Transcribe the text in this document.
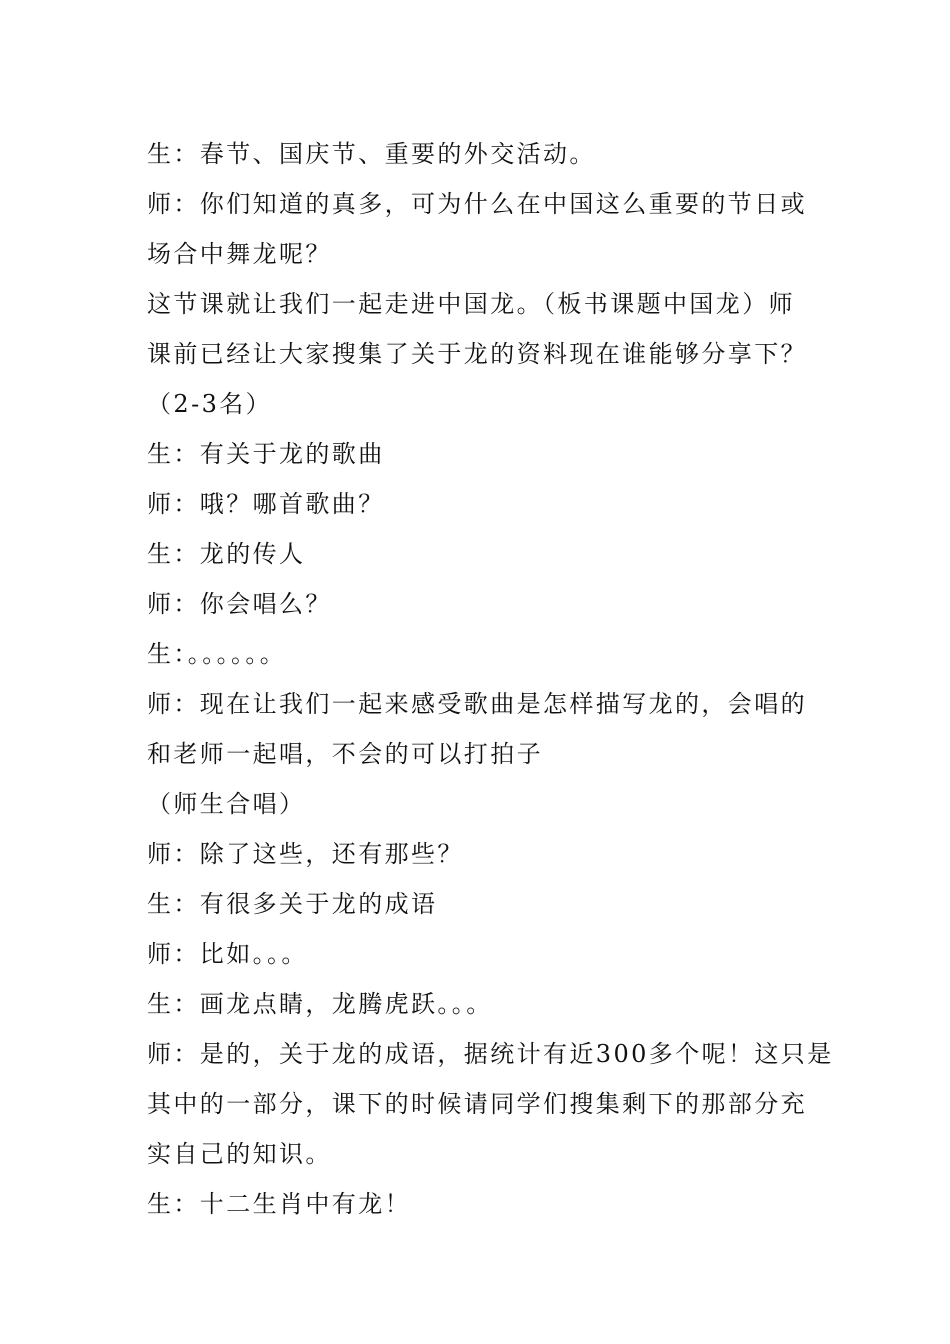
生：春节、国庆节、重要的外交活动。
师：你们知道的真多，可为什么在中国这么重要的节日或
场合中舞龙呢？
这节课就让我们一起走进中国龙。（板书课题中国龙）师
课前已经让大家搜集了关于龙的资料现在谁能够分享下？
（2-3名）
生：有关于龙的歌曲
师：哦？哪首歌曲？
生：龙的传人
师：你会唱么？
生：。。。。。。
师：现在让我们一起来感受歌曲是怎样描写龙的，会唱的
和老师一起唱，不会的可以打拍子
（师生合唱）
师：除了这些，还有那些？
生：有很多关于龙的成语
师：比如。。。
生：画龙点睛，龙腾虎跃。。。
师：是的，关于龙的成语，据统计有近300多个呢！这只是
其中的一部分，课下的时候请同学们搜集剩下的那部分充
实自己的知识。
生：十二生肖中有龙！
